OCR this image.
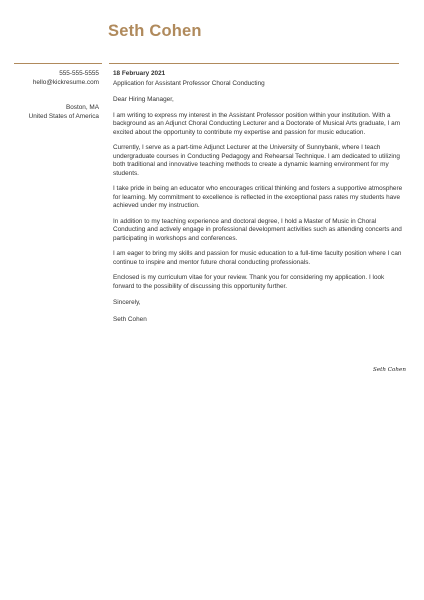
Seth Cohen
555-555-5555
hello@kickresume.com
Boston, MA
United States of America
18 February 2021
Application for Assistant Professor Choral Conducting
Dear Hiring Manager,
I am writing to express my interest in the Assistant Professor position within your institution. With a background as an Adjunct Choral Conducting Lecturer and a Doctorate of Musical Arts graduate, I am excited about the opportunity to contribute my expertise and passion for music education.
Currently, I serve as a part-time Adjunct Lecturer at the University of Sunnybank, where I teach undergraduate courses in Conducting Pedagogy and Rehearsal Technique. I am dedicated to utilizing both traditional and innovative teaching methods to create a dynamic learning environment for my students.
I take pride in being an educator who encourages critical thinking and fosters a supportive atmosphere for learning. My commitment to excellence is reflected in the exceptional pass rates my students have achieved under my instruction.
In addition to my teaching experience and doctoral degree, I hold a Master of Music in Choral Conducting and actively engage in professional development activities such as attending concerts and participating in workshops and conferences.
I am eager to bring my skills and passion for music education to a full-time faculty position where I can continue to inspire and mentor future choral conducting professionals.
Enclosed is my curriculum vitae for your review. Thank you for considering my application. I look forward to the possibility of discussing this opportunity further.
Sincerely,
Seth Cohen
Seth Cohen
